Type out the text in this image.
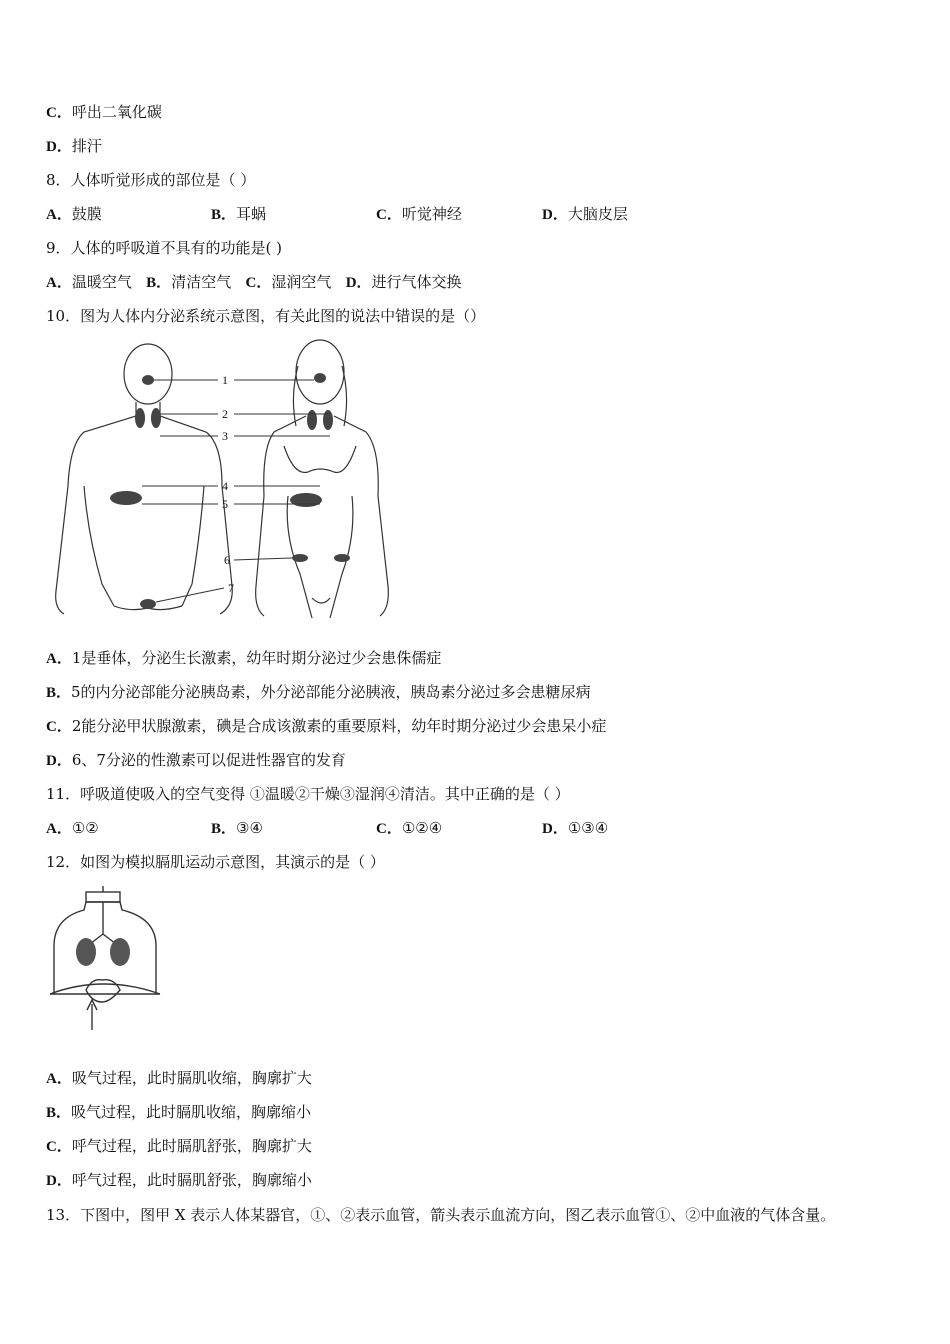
C．呼出二氧化碳
D．排汗
8．人体听觉形成的部位是（ ）
A．鼓膜	B．耳蜗	C．听觉神经	D．大脑皮层
9．人体的呼吸道不具有的功能是( )
A．温暖空气 B．清洁空气 C．湿润空气 D．进行气体交换
10．图为人体内分泌系统示意图，有关此图的说法中错误的是（）
1
2
3
4
5
6
7
A．1是垂体，分泌生长激素，幼年时期分泌过少会患侏儒症
B．5的内分泌部能分泌胰岛素，外分泌部能分泌胰液，胰岛素分泌过多会患糖尿病
C．2能分泌甲状腺激素，碘是合成该激素的重要原料，幼年时期分泌过少会患呆小症
D．6、7分泌的性激素可以促进性器官的发育
11．呼吸道使吸入的空气变得 ①温暖②干燥③湿润④清洁。其中正确的是（ ）
A．①②	B．③④	C．①②④	D．①③④
12．如图为模拟膈肌运动示意图，其演示的是（ ）
A．吸气过程，此时膈肌收缩，胸廓扩大
B．吸气过程，此时膈肌收缩，胸廓缩小
C．呼气过程，此时膈肌舒张，胸廓扩大
D．呼气过程，此时膈肌舒张，胸廓缩小
13．下图中，图甲 X 表示人体某器官，①、②表示血管，箭头表示血流方向，图乙表示血管①、②中血液的气体含量。
